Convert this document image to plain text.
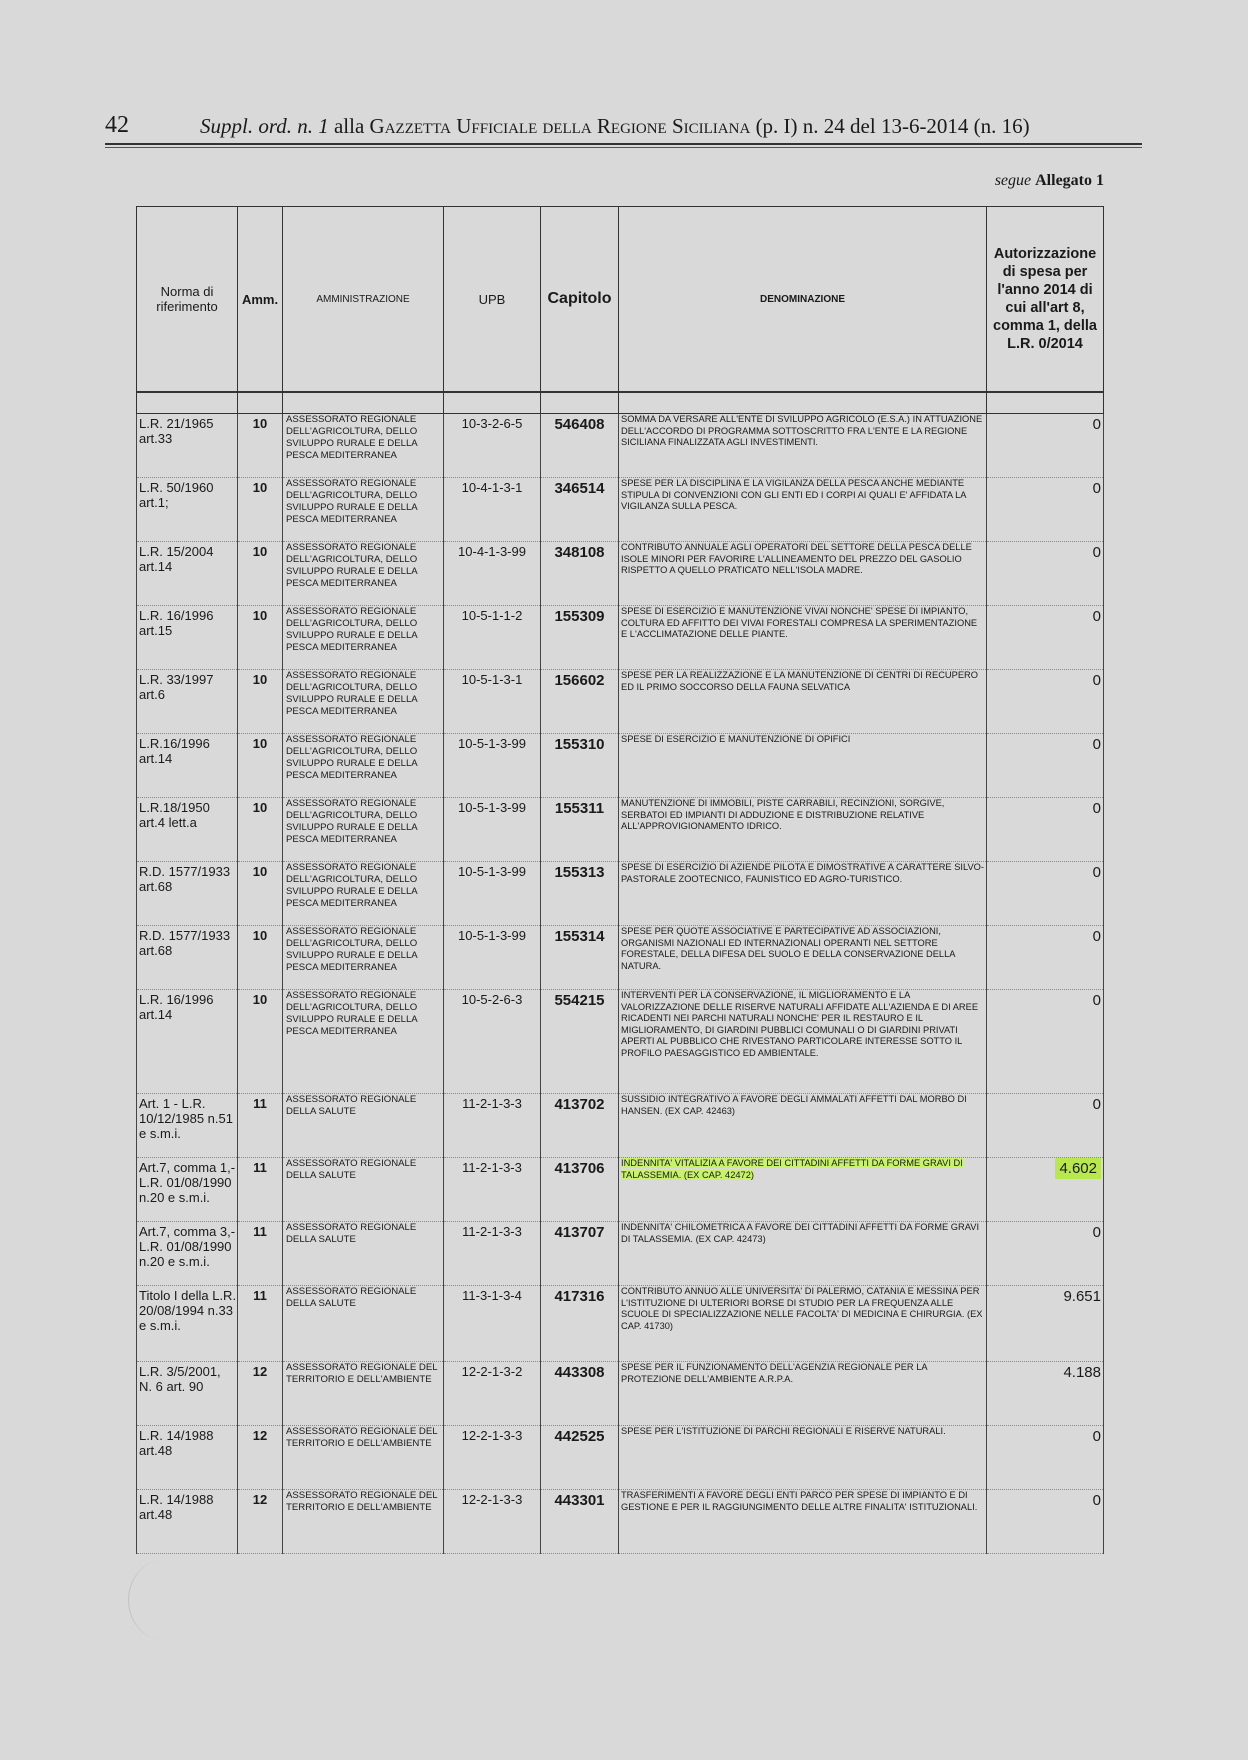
42	Suppl. ord. n. 1 alla Gazzetta Ufficiale della Regione Siciliana (p. I) n. 24 del 13-6-2014 (n. 16)
segue Allegato 1
Norma di riferimento	Amm.	AMMINISTRAZIONE	UPB	Capitolo	DENOMINAZIONE	Autorizzazione di spesa per l'anno 2014 di cui all'art 8, comma 1, della L.R. 0/2014

L.R. 21/1965 art.33	10	ASSESSORATO REGIONALE DELL'AGRICOLTURA, DELLO SVILUPPO RURALE E DELLA PESCA MEDITERRANEA	10-3-2-6-5	546408	SOMMA DA VERSARE ALL'ENTE DI SVILUPPO AGRICOLO (E.S.A.) IN ATTUAZIONE DELL'ACCORDO DI PROGRAMMA SOTTOSCRITTO FRA L'ENTE E LA REGIONE SICILIANA FINALIZZATA AGLI INVESTIMENTI.	0
L.R. 50/1960 art.1;	10	ASSESSORATO REGIONALE DELL'AGRICOLTURA, DELLO SVILUPPO RURALE E DELLA PESCA MEDITERRANEA	10-4-1-3-1	346514	SPESE PER LA DISCIPLINA E LA VIGILANZA DELLA PESCA ANCHE MEDIANTE STIPULA DI CONVENZIONI CON GLI ENTI ED I CORPI AI QUALI E' AFFIDATA LA VIGILANZA SULLA PESCA.	0
L.R. 15/2004 art.14	10	ASSESSORATO REGIONALE DELL'AGRICOLTURA, DELLO SVILUPPO RURALE E DELLA PESCA MEDITERRANEA	10-4-1-3-99	348108	CONTRIBUTO ANNUALE AGLI OPERATORI DEL SETTORE DELLA PESCA DELLE ISOLE MINORI PER FAVORIRE L'ALLINEAMENTO DEL PREZZO DEL GASOLIO RISPETTO A QUELLO PRATICATO NELL'ISOLA MADRE.	0
L.R. 16/1996 art.15	10	ASSESSORATO REGIONALE DELL'AGRICOLTURA, DELLO SVILUPPO RURALE E DELLA PESCA MEDITERRANEA	10-5-1-1-2	155309	SPESE DI ESERCIZIO E MANUTENZIONE VIVAI NONCHE' SPESE DI IMPIANTO, COLTURA ED AFFITTO DEI VIVAI FORESTALI COMPRESA LA SPERIMENTAZIONE E L'ACCLIMATAZIONE DELLE PIANTE.	0
L.R. 33/1997 art.6	10	ASSESSORATO REGIONALE DELL'AGRICOLTURA, DELLO SVILUPPO RURALE E DELLA PESCA MEDITERRANEA	10-5-1-3-1	156602	SPESE PER LA REALIZZAZIONE E LA MANUTENZIONE DI CENTRI DI RECUPERO ED IL PRIMO SOCCORSO DELLA FAUNA SELVATICA	0
L.R.16/1996 art.14	10	ASSESSORATO REGIONALE DELL'AGRICOLTURA, DELLO SVILUPPO RURALE E DELLA PESCA MEDITERRANEA	10-5-1-3-99	155310	SPESE DI ESERCIZIO E MANUTENZIONE DI OPIFICI	0
L.R.18/1950 art.4 lett.a	10	ASSESSORATO REGIONALE DELL'AGRICOLTURA, DELLO SVILUPPO RURALE E DELLA PESCA MEDITERRANEA	10-5-1-3-99	155311	MANUTENZIONE DI IMMOBILI, PISTE CARRABILI, RECINZIONI, SORGIVE, SERBATOI ED IMPIANTI DI ADDUZIONE E DISTRIBUZIONE RELATIVE ALL'APPROVIGIONAMENTO IDRICO.	0
R.D. 1577/1933 art.68	10	ASSESSORATO REGIONALE DELL'AGRICOLTURA, DELLO SVILUPPO RURALE E DELLA PESCA MEDITERRANEA	10-5-1-3-99	155313	SPESE DI ESERCIZIO DI AZIENDE PILOTA E DIMOSTRATIVE A CARATTERE SILVO-PASTORALE ZOOTECNICO, FAUNISTICO ED AGRO-TURISTICO.	0
R.D. 1577/1933 art.68	10	ASSESSORATO REGIONALE DELL'AGRICOLTURA, DELLO SVILUPPO RURALE E DELLA PESCA MEDITERRANEA	10-5-1-3-99	155314	SPESE PER QUOTE ASSOCIATIVE E PARTECIPATIVE AD ASSOCIAZIONI, ORGANISMI NAZIONALI ED INTERNAZIONALI OPERANTI NEL SETTORE FORESTALE, DELLA DIFESA DEL SUOLO E DELLA CONSERVAZIONE DELLA NATURA.	0
L.R. 16/1996 art.14	10	ASSESSORATO REGIONALE DELL'AGRICOLTURA, DELLO SVILUPPO RURALE E DELLA PESCA MEDITERRANEA	10-5-2-6-3	554215	INTERVENTI PER LA CONSERVAZIONE, IL MIGLIORAMENTO E LA VALORIZZAZIONE DELLE RISERVE NATURALI AFFIDATE ALL'AZIENDA E DI AREE RICADENTI NEI PARCHI NATURALI NONCHE' PER IL RESTAURO E IL MIGLIORAMENTO, DI GIARDINI PUBBLICI COMUNALI O DI GIARDINI PRIVATI APERTI AL PUBBLICO CHE RIVESTANO PARTICOLARE INTERESSE SOTTO IL PROFILO PAESAGGISTICO ED AMBIENTALE.	0
Art. 1 - L.R. 10/12/1985 n.51 e s.m.i.	11	ASSESSORATO REGIONALE DELLA SALUTE	11-2-1-3-3	413702	SUSSIDIO INTEGRATIVO A FAVORE DEGLI AMMALATI AFFETTI DAL MORBO DI HANSEN. (EX CAP. 42463)	0
Art.7, comma 1,- L.R. 01/08/1990 n.20 e s.m.i.	11	ASSESSORATO REGIONALE DELLA SALUTE	11-2-1-3-3	413706	INDENNITA' VITALIZIA A FAVORE DEI CITTADINI AFFETTI DA FORME GRAVI DI TALASSEMIA. (EX CAP. 42472)	4.602
Art.7, comma 3,- L.R. 01/08/1990 n.20 e s.m.i.	11	ASSESSORATO REGIONALE DELLA SALUTE	11-2-1-3-3	413707	INDENNITA' CHILOMETRICA A FAVORE DEI CITTADINI AFFETTI DA FORME GRAVI DI TALASSEMIA. (EX CAP. 42473)	0
Titolo I della L.R. 20/08/1994 n.33 e s.m.i.	11	ASSESSORATO REGIONALE DELLA SALUTE	11-3-1-3-4	417316	CONTRIBUTO ANNUO ALLE UNIVERSITA' DI PALERMO, CATANIA E MESSINA PER L'ISTITUZIONE DI ULTERIORI BORSE DI STUDIO PER LA FREQUENZA ALLE SCUOLE DI SPECIALIZZAZIONE NELLE FACOLTA' DI MEDICINA E CHIRURGIA. (EX CAP. 41730)	9.651
L.R. 3/5/2001, N. 6 art. 90	12	ASSESSORATO REGIONALE DEL TERRITORIO E DELL'AMBIENTE	12-2-1-3-2	443308	SPESE PER IL FUNZIONAMENTO DELL'AGENZIA REGIONALE PER LA PROTEZIONE DELL'AMBIENTE A.R.P.A.	4.188
L.R. 14/1988 art.48	12	ASSESSORATO REGIONALE DEL TERRITORIO E DELL'AMBIENTE	12-2-1-3-3	442525	SPESE PER L'ISTITUZIONE DI PARCHI REGIONALI E RISERVE NATURALI.	0
L.R. 14/1988 art.48	12	ASSESSORATO REGIONALE DEL TERRITORIO E DELL'AMBIENTE	12-2-1-3-3	443301	TRASFERIMENTI A FAVORE DEGLI ENTI PARCO PER SPESE DI IMPIANTO E DI GESTIONE E PER IL RAGGIUNGIMENTO DELLE ALTRE FINALITA' ISTITUZIONALI.	0
